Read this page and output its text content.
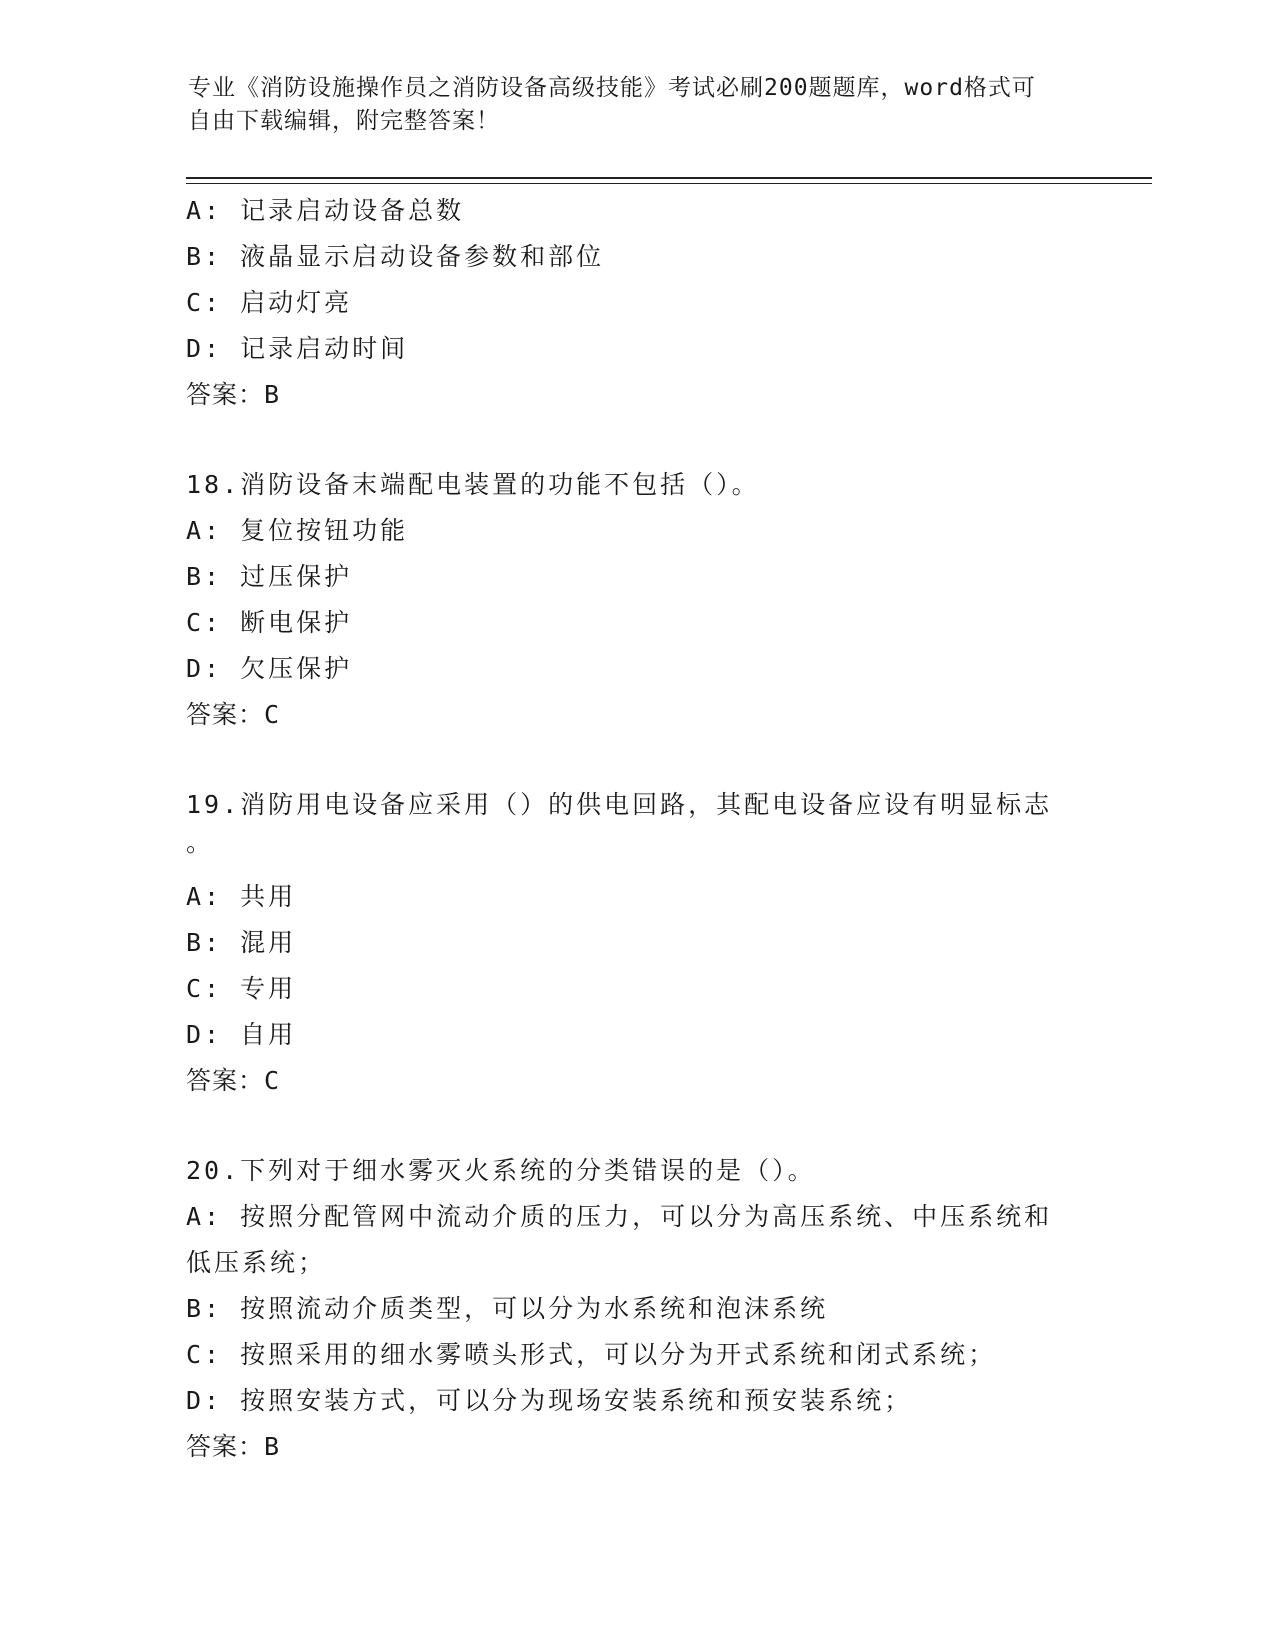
专业《消防设施操作员之消防设备高级技能》考试必刷200题题库，word格式可
自由下载编辑，附完整答案！
A: 记录启动设备总数
B: 液晶显示启动设备参数和部位
C: 启动灯亮
D: 记录启动时间
答案：B
18.消防设备末端配电装置的功能不包括（）。
A: 复位按钮功能
B: 过压保护
C: 断电保护
D: 欠压保护
答案：C
19.消防用电设备应采用（）的供电回路，其配电设备应设有明显标志
。
A: 共用
B: 混用
C: 专用
D: 自用
答案：C
20.下列对于细水雾灭火系统的分类错误的是（）。
A: 按照分配管网中流动介质的压力，可以分为高压系统、中压系统和
低压系统；
B: 按照流动介质类型，可以分为水系统和泡沫系统
C: 按照采用的细水雾喷头形式，可以分为开式系统和闭式系统；
D: 按照安装方式，可以分为现场安装系统和预安装系统；
答案：B
